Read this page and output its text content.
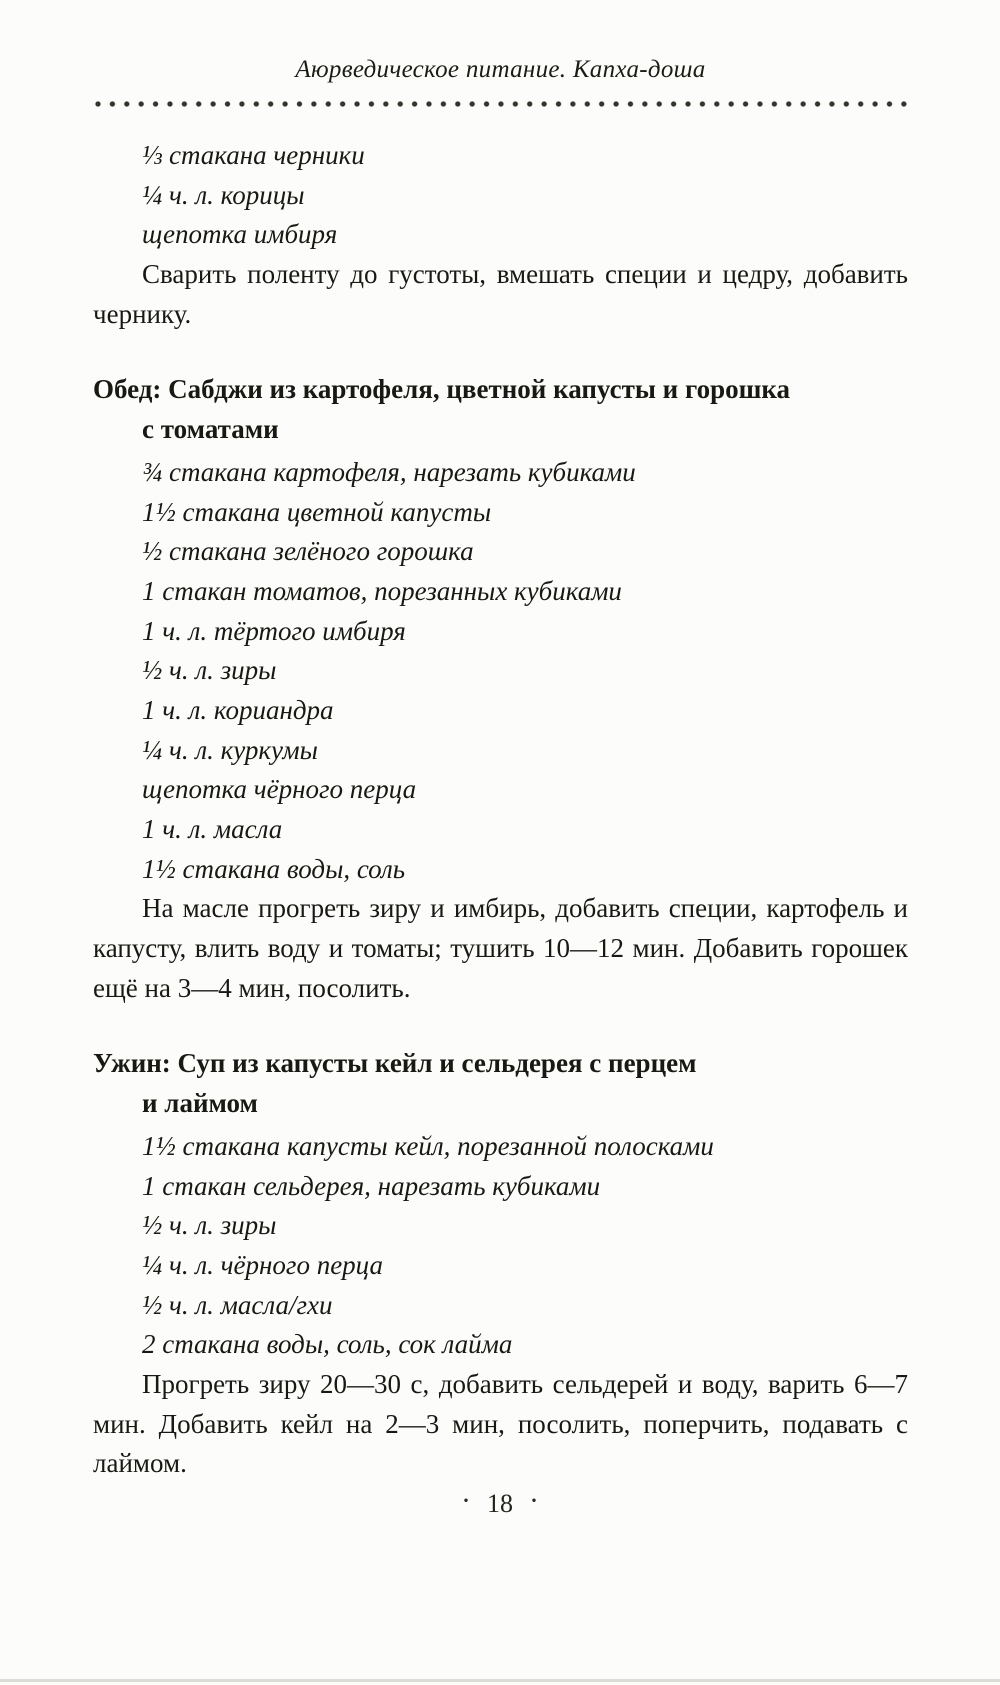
Аюрведическое питание. Капха-доша
⅓ стакана черники
¼ ч. л. корицы
щепотка имбиря
Сварить поленту до густоты, вмешать специи и цедру, добавить чернику.
Обед: Сабджи из картофеля, цветной капусты и горошка
с томатами
¾ стакана картофеля, нарезать кубиками
1½ стакана цветной капусты
½ стакана зелёного горошка
1 стакан томатов, порезанных кубиками
1 ч. л. тёртого имбиря
½ ч. л. зиры
1 ч. л. кориандра
¼ ч. л. куркумы
щепотка чёрного перца
1 ч. л. масла
1½ стакана воды, соль
На масле прогреть зиру и имбирь, добавить специи, картофель и капусту, влить воду и томаты; тушить 10—12 мин. Добавить горошек ещё на 3—4 мин, посолить.
Ужин: Суп из капусты кейл и сельдерея с перцем
и лаймом
1½ стакана капусты кейл, порезанной полосками
1 стакан сельдерея, нарезать кубиками
½ ч. л. зиры
¼ ч. л. чёрного перца
½ ч. л. масла/гхи
2 стакана воды, соль, сок лайма
Прогреть зиру 20—30 с, добавить сельдерей и воду, варить 6—7 мин. Добавить кейл на 2—3 мин, посолить, поперчить, подавать с лаймом.
· 18 ·
